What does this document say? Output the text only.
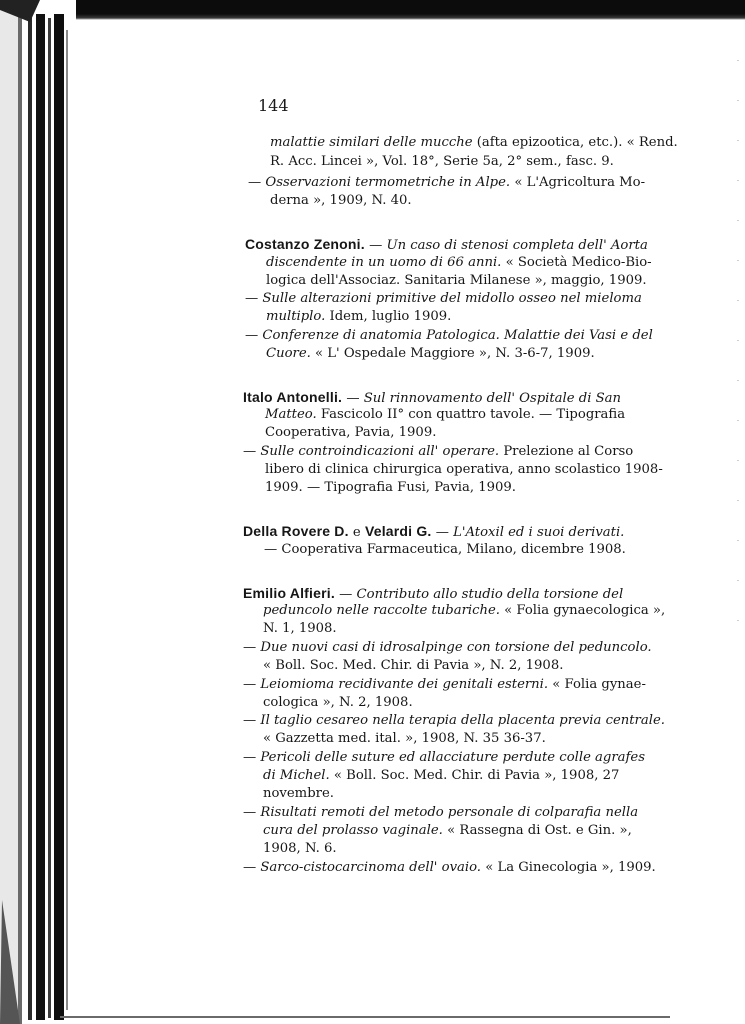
144
malattie similari delle mucche (afta epizootica, etc.). « Rend.
R. Acc. Lincei », Vol. 18°, Serie 5a, 2° sem., fasc. 9.
— Osservazioni termometriche in Alpe. « L'Agricoltura Mo-
derna », 1909, N. 40.
Costanzo Zenoni. — Un caso di stenosi completa dell' Aorta
discendente in un uomo di 66 anni. « Società Medico-Bio-
logica dell'Associaz. Sanitaria Milanese », maggio, 1909.
— Sulle alterazioni primitive del midollo osseo nel mieloma
multiplo. Idem, luglio 1909.
— Conferenze di anatomia Patologica. Malattie dei Vasi e del
Cuore. « L' Ospedale Maggiore », N. 3-6-7, 1909.
Italo Antonelli. — Sul rinnovamento dell' Ospitale di San
Matteo. Fascicolo II° con quattro tavole. — Tipografia
Cooperativa, Pavia, 1909.
— Sulle controindicazioni all' operare. Prelezione al Corso
libero di clinica chirurgica operativa, anno scolastico 1908-
1909. — Tipografia Fusi, Pavia, 1909.
Della Rovere D. e Velardi G. — L'Atoxil ed i suoi derivati.
— Cooperativa Farmaceutica, Milano, dicembre 1908.
Emilio Alfieri. — Contributo allo studio della torsione del
peduncolo nelle raccolte tubariche. « Folia gynaecologica »,
N. 1, 1908.
— Due nuovi casi di idrosalpinge con torsione del peduncolo.
« Boll. Soc. Med. Chir. di Pavia », N. 2, 1908.
— Leiomioma recidivante dei genitali esterni. « Folia gynae-
cologica », N. 2, 1908.
— Il taglio cesareo nella terapia della placenta previa centrale.
« Gazzetta med. ital. », 1908, N. 35 36-37.
— Pericoli delle suture ed allacciature perdute colle agrafes
di Michel. « Boll. Soc. Med. Chir. di Pavia », 1908, 27
novembre.
— Risultati remoti del metodo personale di colparafia nella
cura del prolasso vaginale. « Rassegna di Ost. e Gin. »,
1908, N. 6.
— Sarco-cistocarcinoma dell' ovaio. « La Ginecologia », 1909.
